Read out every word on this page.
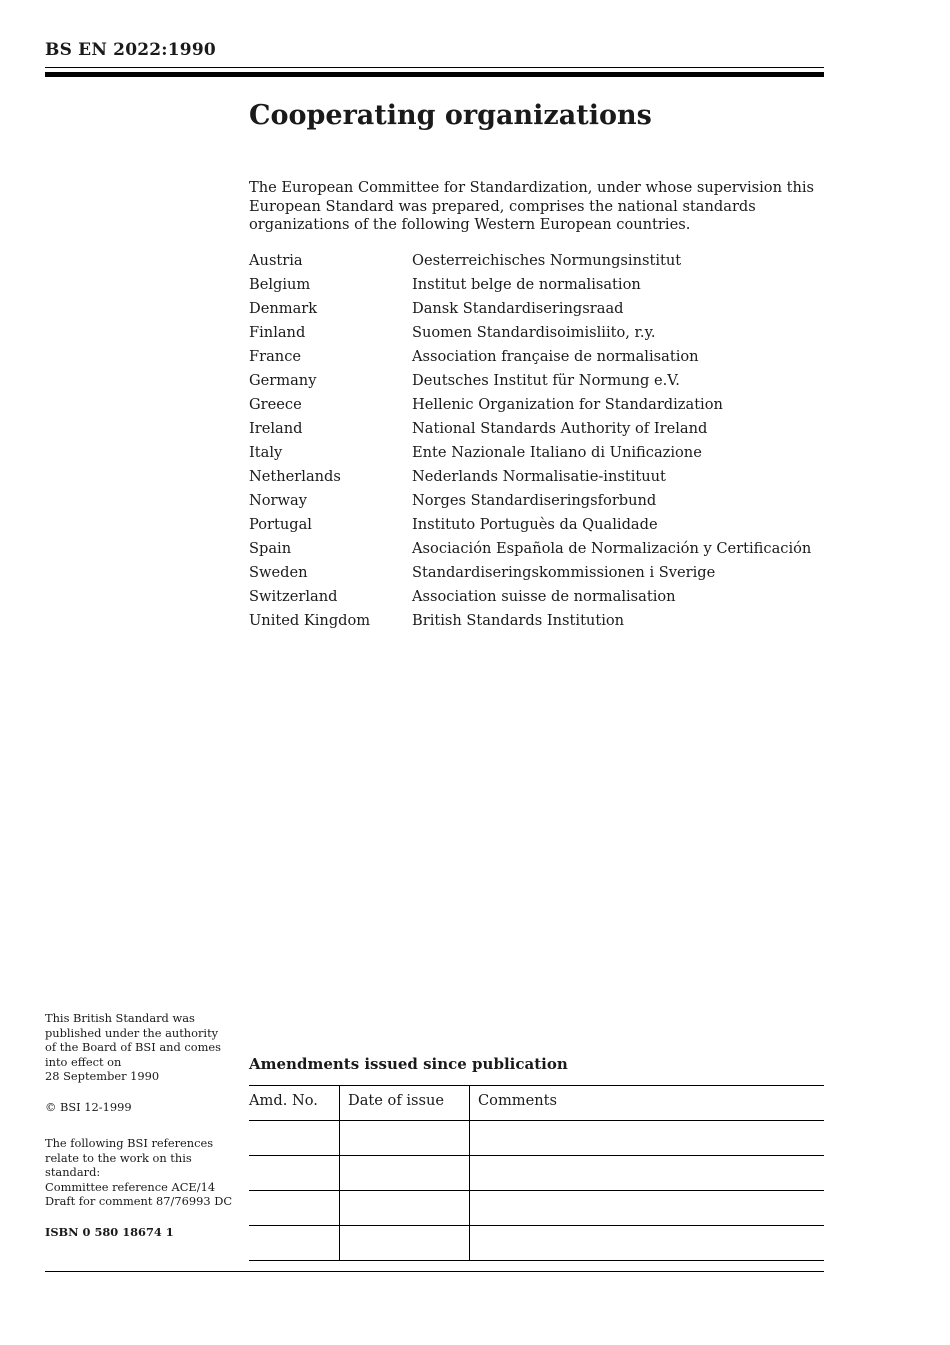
BS EN 2022:1990
Cooperating organizations

The European Committee for Standardization, under whose supervision this European Standard was prepared, comprises the national standards organizations of the following Western European countries.

Austria	Oesterreichisches Normungsinstitut
Belgium	Institut belge de normalisation
Denmark	Dansk Standardiseringsraad
Finland	Suomen Standardisoimisliito, r.y.
France	Association française de normalisation
Germany	Deutsches Institut für Normung e.V.
Greece	Hellenic Organization for Standardization
Ireland	National Standards Authority of Ireland
Italy	Ente Nazionale Italiano di Unificazione
Netherlands	Nederlands Normalisatie-instituut
Norway	Norges Standardiseringsforbund
Portugal	Instituto Portuguès da Qualidade
Spain	Asociación Española de Normalización y Certificación
Sweden	Standardiseringskommissionen i Sverige
Switzerland	Association suisse de normalisation
United Kingdom	British Standards Institution

This British Standard was
published under the authority
of the Board of BSI and comes
into effect on
28 September 1990

© BSI 12-1999

The following BSI references
relate to the work on this
standard:
Committee reference ACE/14
Draft for comment 87/76993 DC

ISBN 0 580 18674 1

Amendments issued since publication
Amd. No.	Date of issue	Comments
